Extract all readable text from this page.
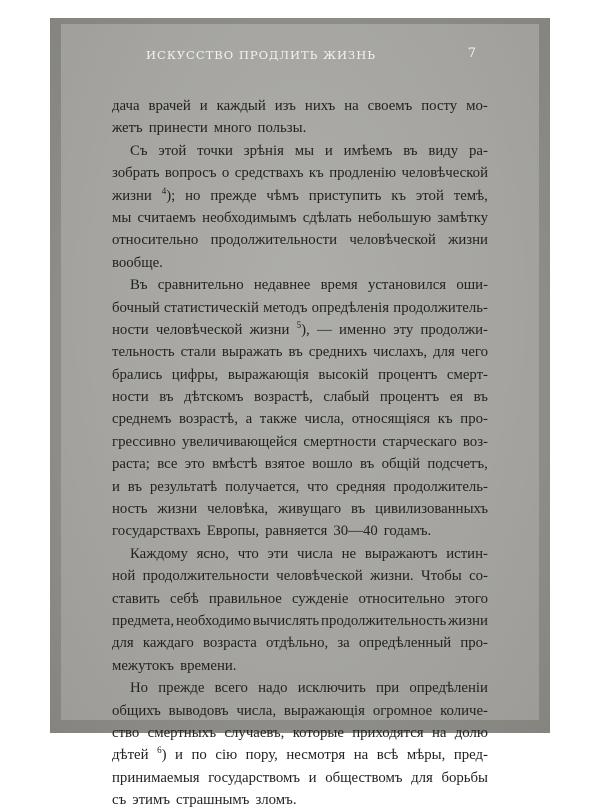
ИСКУССТВО ПРОДЛИТЬ ЖИЗНЬ	7
дача врачей и каждый изъ нихъ на своемъ посту мо-
жетъ принести много пользы.
Съ этой точки зрѣнія мы и имѣемъ въ виду ра-
зобрать вопросъ о средствахъ къ продленію человѣческой
жизни $^4$); но прежде чѣмъ приступить къ этой темѣ,
мы считаемъ необходимымъ сдѣлать небольшую замѣтку
относительно продолжительности человѣческой жизни
вообще.
Въ сравнительно недавнее время установился оши-
бочный статистическій методъ опредѣленія продолжитель-
ности человѣческой жизни $^5$), — именно эту продолжи-
тельность стали выражать въ среднихъ числахъ, для чего
брались цифры, выражающія высокій процентъ смерт-
ности въ дѣтскомъ возрастѣ, слабый процентъ ея въ
среднемъ возрастѣ, а также числа, относящіяся къ про-
грессивно увеличивающейся смертности старческаго воз-
раста; все это вмѣстѣ взятое вошло въ общій подсчетъ,
и въ результатѣ получается, что средняя продолжитель-
ность жизни человѣка, живущаго въ цивилизованныхъ
государствахъ Европы, равняется 30—40 годамъ.
Каждому ясно, что эти числа не выражаютъ истин-
ной продолжительности человѣческой жизни. Чтобы со-
ставить себѣ правильное сужденіе относительно этого
предмета, необходимо вычислять продолжительность жизни
для каждаго возраста отдѣльно, за опредѣленный про-
межутокъ времени.
Но прежде всего надо исключить при опредѣленіи
общихъ выводовъ числа, выражающія огромное количе-
ство смертныхъ случаевъ, которые приходятся на долю
дѣтей $^6$) и по сію пору, несмотря на всѣ мѣры, пред-
принимаемыя государствомъ и обществомъ для борьбы
съ этимъ страшнымъ зломъ.
